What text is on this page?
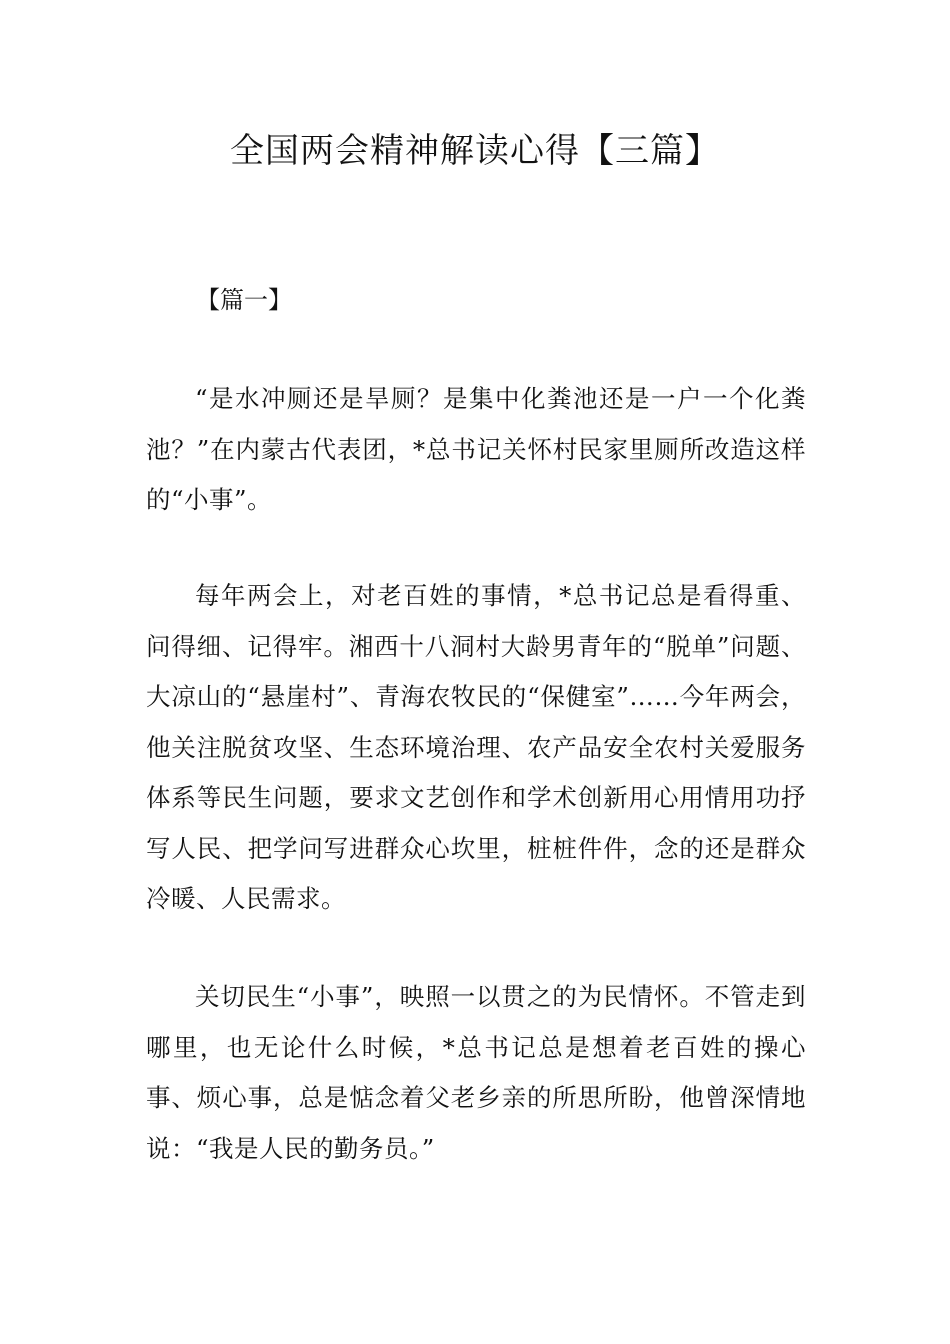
全国两会精神解读心得【三篇】
【篇一】

“是水冲厕还是旱厕？是集中化粪池还是一户一个化粪池？”在内蒙古代表团，*总书记关怀村民家里厕所改造这样的“小事”。

每年两会上，对老百姓的事情，*总书记总是看得重、问得细、记得牢。湘西十八洞村大龄男青年的“脱单”问题、大凉山的“悬崖村”、青海农牧民的“保健室”……今年两会，他关注脱贫攻坚、生态环境治理、农产品安全农村关爱服务体系等民生问题，要求文艺创作和学术创新用心用情用功抒写人民、把学问写进群众心坎里，桩桩件件，念的还是群众冷暖、人民需求。

关切民生“小事”，映照一以贯之的为民情怀。不管走到哪里，也无论什么时候，*总书记总是想着老百姓的操心事、烦心事，总是惦念着父老乡亲的所思所盼，他曾深情地说：“我是人民的勤务员。”
